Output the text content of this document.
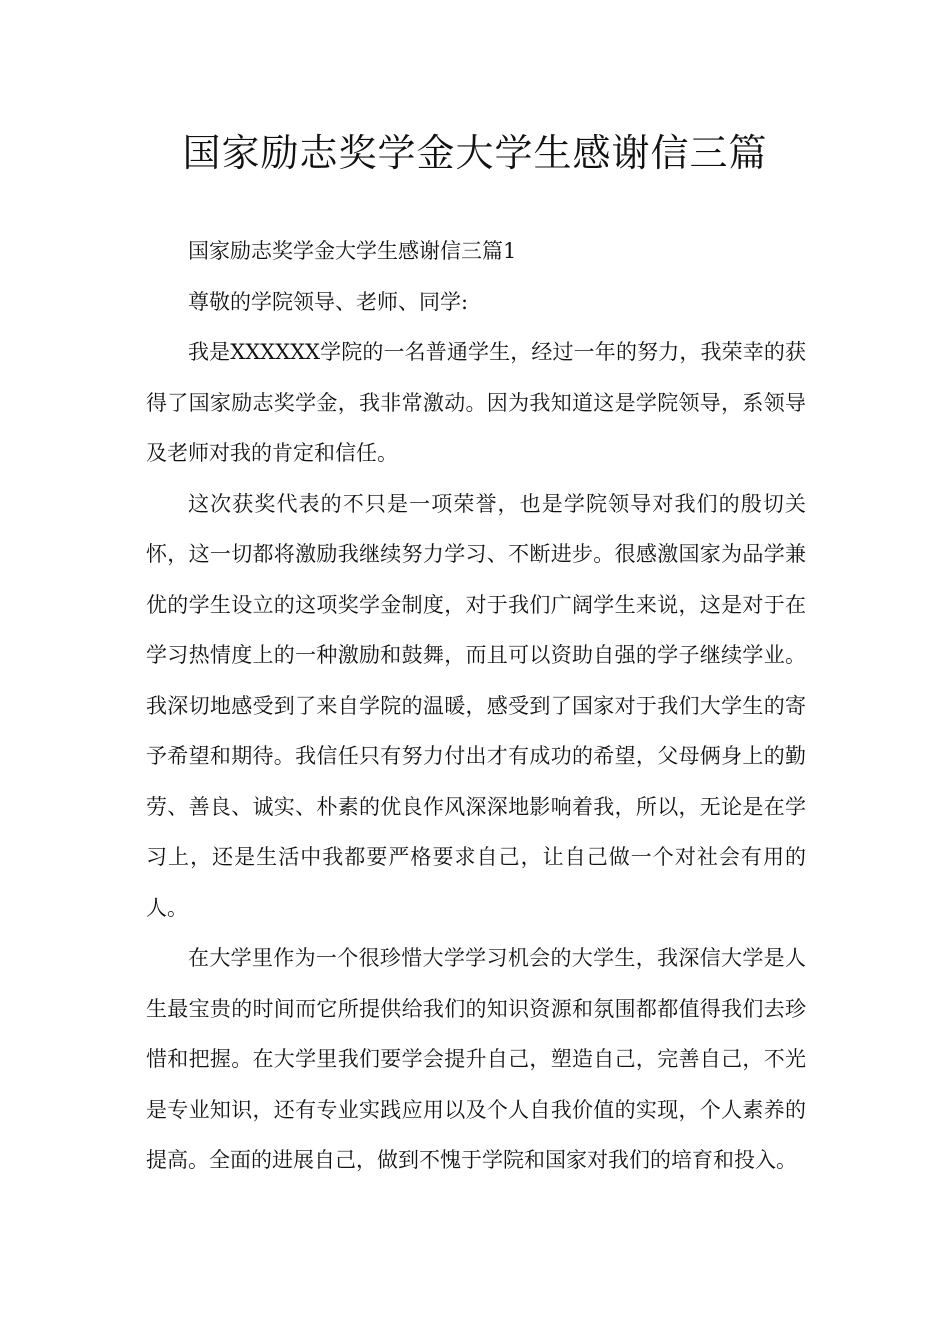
国家励志奖学金大学生感谢信三篇

国家励志奖学金大学生感谢信三篇1

尊敬的学院领导、老师、同学:

我是XXXXXX学院的一名普通学生，经过一年的努力，我荣幸的获得了国家励志奖学金，我非常激动。因为我知道这是学院领导，系领导及老师对我的肯定和信任。

这次获奖代表的不只是一项荣誉，也是学院领导对我们的殷切关怀，这一切都将激励我继续努力学习、不断进步。很感激国家为品学兼优的学生设立的这项奖学金制度，对于我们广阔学生来说，这是对于在学习热情度上的一种激励和鼓舞，而且可以资助自强的学子继续学业。我深切地感受到了来自学院的温暖，感受到了国家对于我们大学生的寄予希望和期待。我信任只有努力付出才有成功的希望，父母俩身上的勤劳、善良、诚实、朴素的优良作风深深地影响着我，所以，无论是在学习上，还是生活中我都要严格要求自己，让自己做一个对社会有用的人。

在大学里作为一个很珍惜大学学习机会的大学生，我深信大学是人生最宝贵的时间而它所提供给我们的知识资源和氛围都都值得我们去珍惜和把握。在大学里我们要学会提升自己，塑造自己，完善自己，不光是专业知识，还有专业实践应用以及个人自我价值的实现，个人素养的提高。全面的进展自己，做到不愧于学院和国家对我们的培育和投入。
